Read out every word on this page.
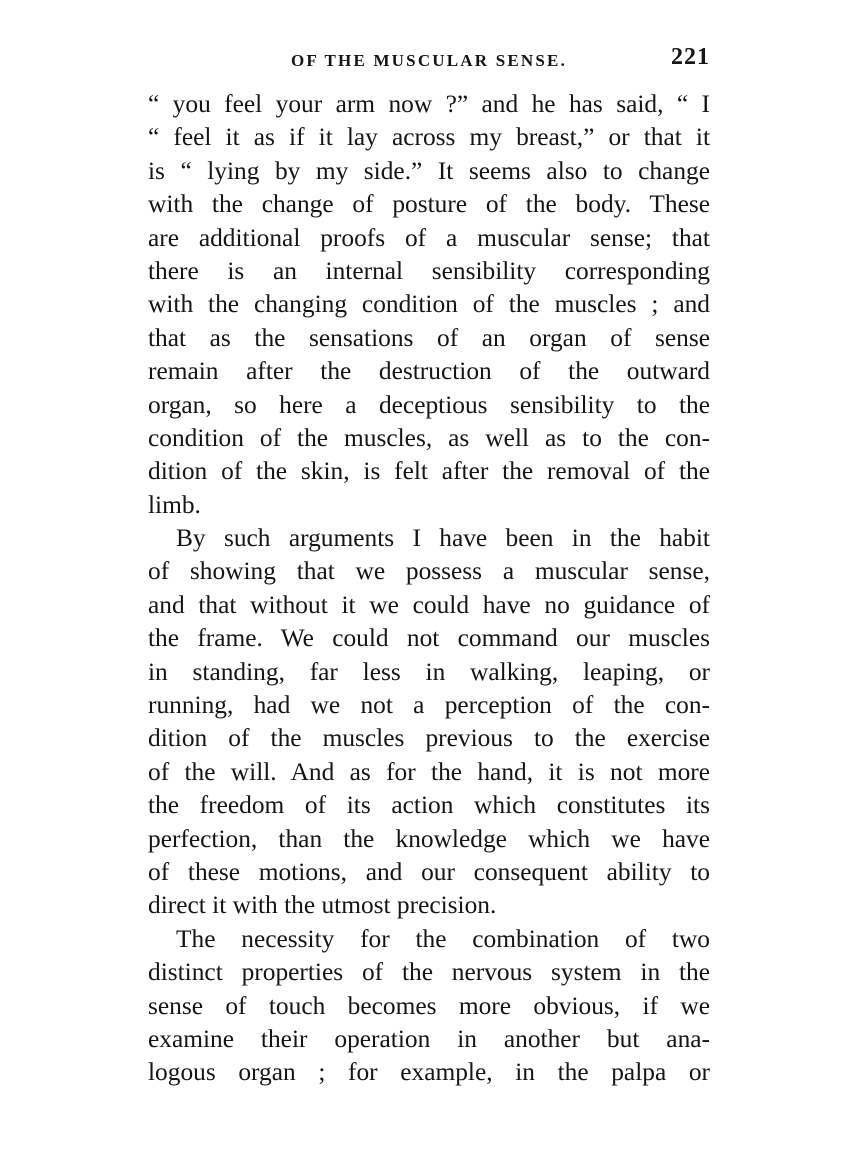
OF THE MUSCULAR SENSE.	221
“ you feel your arm now ?” and he has said, “ I
“ feel it as if it lay across my breast,” or that it
is “ lying by my side.” It seems also to change
with the change of posture of the body. These
are additional proofs of a muscular sense; that
there is an internal sensibility corresponding
with the changing condition of the muscles ; and
that as the sensations of an organ of sense
remain after the destruction of the outward
organ, so here a deceptious sensibility to the
condition of the muscles, as well as to the con-
dition of the skin, is felt after the removal of the
limb.
By such arguments I have been in the habit
of showing that we possess a muscular sense,
and that without it we could have no guidance of
the frame. We could not command our muscles
in standing, far less in walking, leaping, or
running, had we not a perception of the con-
dition of the muscles previous to the exercise
of the will. And as for the hand, it is not more
the freedom of its action which constitutes its
perfection, than the knowledge which we have
of these motions, and our consequent ability to
direct it with the utmost precision.
The necessity for the combination of two
distinct properties of the nervous system in the
sense of touch becomes more obvious, if we
examine their operation in another but ana-
logous organ ; for example, in the palpa or
